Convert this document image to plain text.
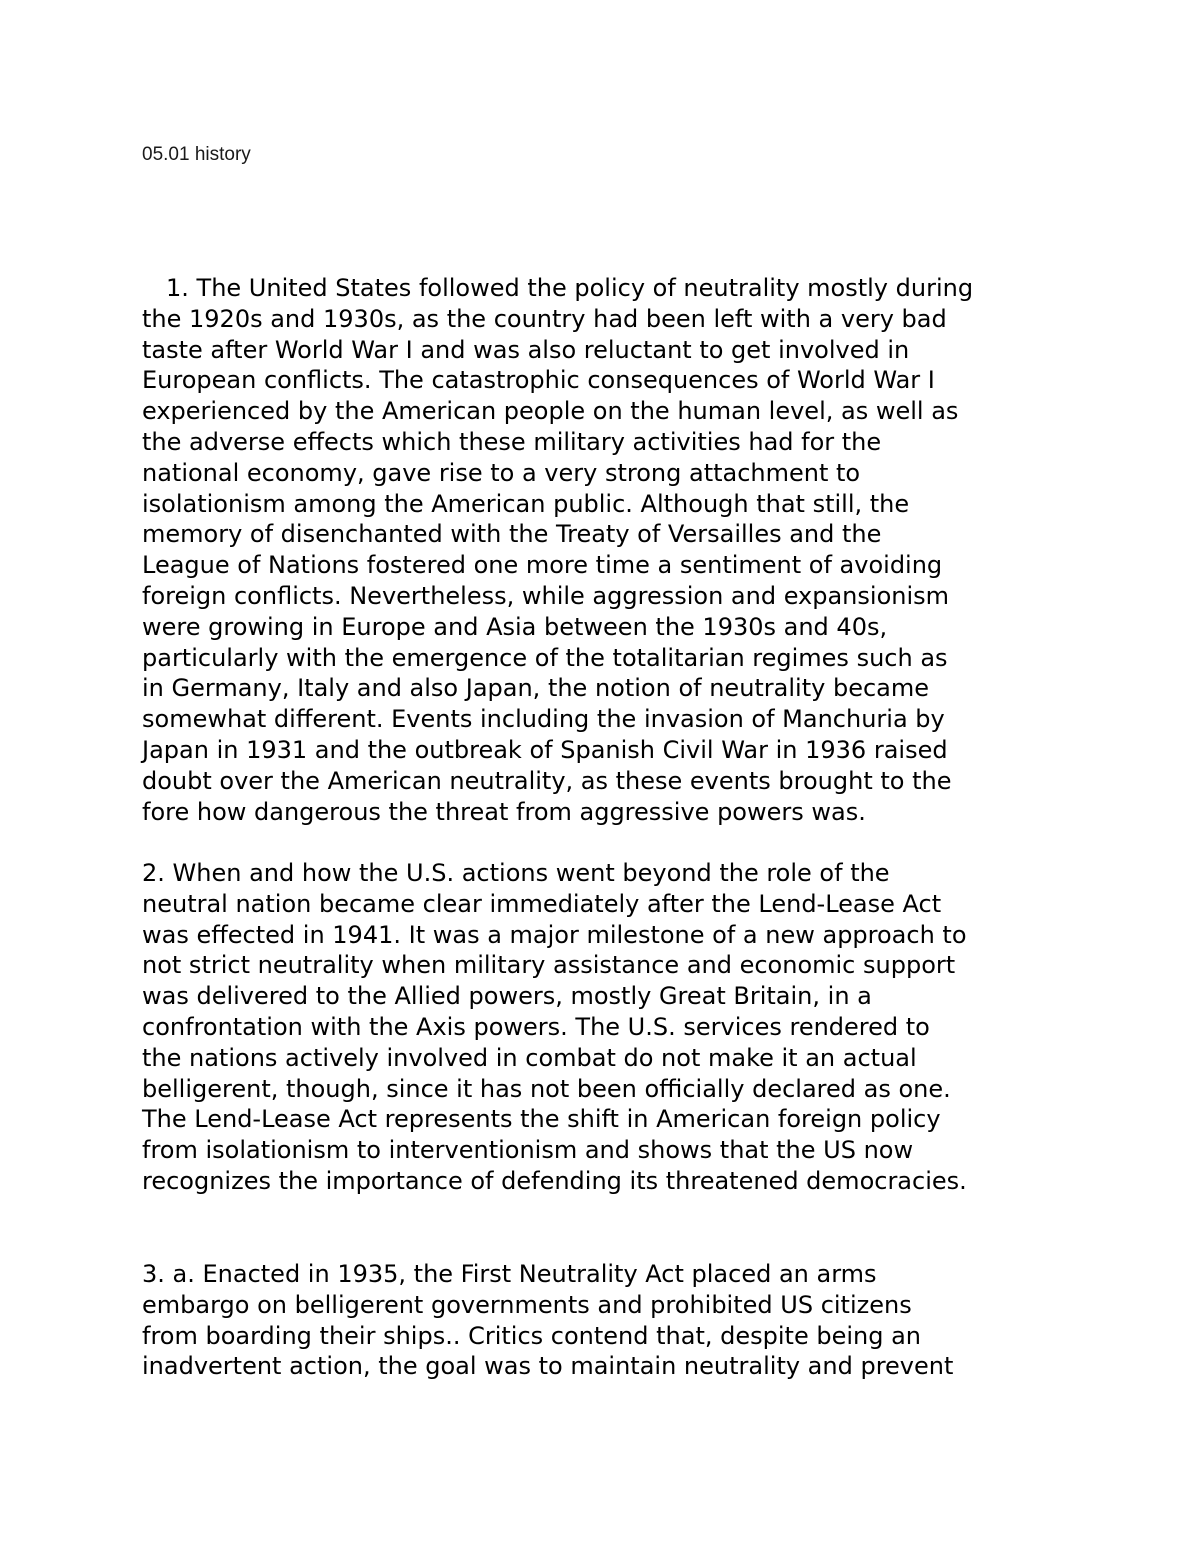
05.01 history
1. The United States followed the policy of neutrality mostly during
the 1920s and 1930s, as the country had been left with a very bad
taste after World War I and was also reluctant to get involved in
European conflicts. The catastrophic consequences of World War I
experienced by the American people on the human level, as well as
the adverse effects which these military activities had for the
national economy, gave rise to a very strong attachment to
isolationism among the American public. Although that still, the
memory of disenchanted with the Treaty of Versailles and the
League of Nations fostered one more time a sentiment of avoiding
foreign conflicts. Nevertheless, while aggression and expansionism
were growing in Europe and Asia between the 1930s and 40s,
particularly with the emergence of the totalitarian regimes such as
in Germany, Italy and also Japan, the notion of neutrality became
somewhat different. Events including the invasion of Manchuria by
Japan in 1931 and the outbreak of Spanish Civil War in 1936 raised
doubt over the American neutrality, as these events brought to the
fore how dangerous the threat from aggressive powers was.
2. When and how the U.S. actions went beyond the role of the
neutral nation became clear immediately after the Lend-Lease Act
was effected in 1941. It was a major milestone of a new approach to
not strict neutrality when military assistance and economic support
was delivered to the Allied powers, mostly Great Britain, in a
confrontation with the Axis powers. The U.S. services rendered to
the nations actively involved in combat do not make it an actual
belligerent, though, since it has not been officially declared as one.
The Lend-Lease Act represents the shift in American foreign policy
from isolationism to interventionism and shows that the US now
recognizes the importance of defending its threatened democracies.
3. a. Enacted in 1935, the First Neutrality Act placed an arms
embargo on belligerent governments and prohibited US citizens
from boarding their ships.. Critics contend that, despite being an
inadvertent action, the goal was to maintain neutrality and prevent
